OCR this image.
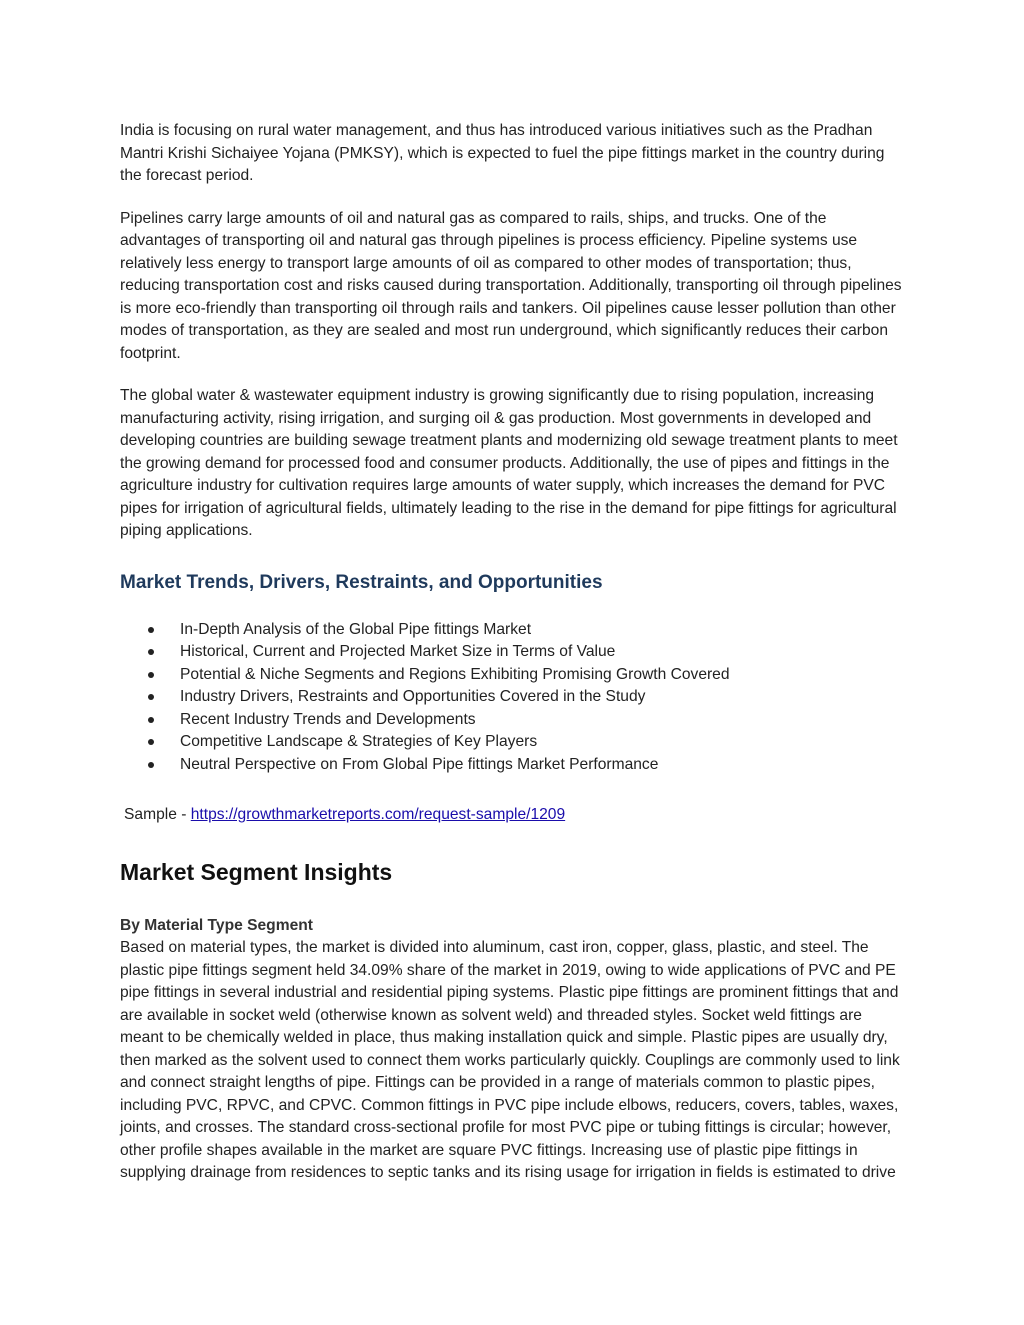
India is focusing on rural water management, and thus has introduced various initiatives such as the Pradhan Mantri Krishi Sichaiyee Yojana (PMKSY), which is expected to fuel the pipe fittings market in the country during the forecast period.

Pipelines carry large amounts of oil and natural gas as compared to rails, ships, and trucks. One of the advantages of transporting oil and natural gas through pipelines is process efficiency. Pipeline systems use relatively less energy to transport large amounts of oil as compared to other modes of transportation; thus, reducing transportation cost and risks caused during transportation. Additionally, transporting oil through pipelines is more eco-friendly than transporting oil through rails and tankers. Oil pipelines cause lesser pollution than other modes of transportation, as they are sealed and most run underground, which significantly reduces their carbon footprint.

The global water & wastewater equipment industry is growing significantly due to rising population, increasing manufacturing activity, rising irrigation, and surging oil & gas production. Most governments in developed and developing countries are building sewage treatment plants and modernizing old sewage treatment plants to meet the growing demand for processed food and consumer products. Additionally, the use of pipes and fittings in the agriculture industry for cultivation requires large amounts of water supply, which increases the demand for PVC pipes for irrigation of agricultural fields, ultimately leading to the rise in the demand for pipe fittings for agricultural piping applications.

Market Trends, Drivers, Restraints, and Opportunities
In-Depth Analysis of the Global Pipe fittings Market
Historical, Current and Projected Market Size in Terms of Value
Potential & Niche Segments and Regions Exhibiting Promising Growth Covered
Industry Drivers, Restraints and Opportunities Covered in the Study
Recent Industry Trends and Developments
Competitive Landscape & Strategies of Key Players
Neutral Perspective on From Global Pipe fittings Market Performance
Sample - https://growthmarketreports.com/request-sample/1209
Market Segment Insights
By Material Type Segment

Based on material types, the market is divided into aluminum, cast iron, copper, glass, plastic, and steel. The plastic pipe fittings segment held 34.09% share of the market in 2019, owing to wide applications of PVC and PE pipe fittings in several industrial and residential piping systems. Plastic pipe fittings are prominent fittings that and are available in socket weld (otherwise known as solvent weld) and threaded styles. Socket weld fittings are meant to be chemically welded in place, thus making installation quick and simple. Plastic pipes are usually dry, then marked as the solvent used to connect them works particularly quickly. Couplings are commonly used to link and connect straight lengths of pipe. Fittings can be provided in a range of materials common to plastic pipes, including PVC, RPVC, and CPVC. Common fittings in PVC pipe include elbows, reducers, covers, tables, waxes, joints, and crosses. The standard cross-sectional profile for most PVC pipe or tubing fittings is circular; however, other profile shapes available in the market are square PVC fittings. Increasing use of plastic pipe fittings in supplying drainage from residences to septic tanks and its rising usage for irrigation in fields is estimated to drive
